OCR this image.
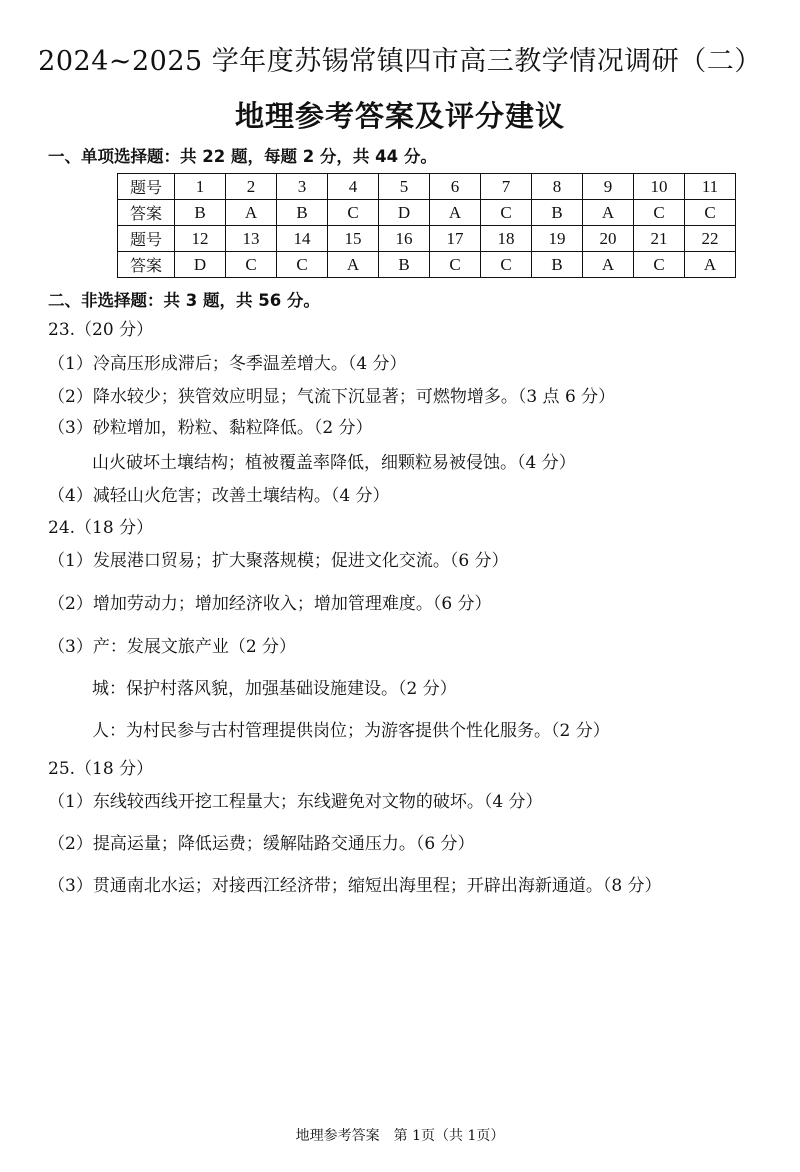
2024~2025 学年度苏锡常镇四市高三教学情况调研（二）
地理参考答案及评分建议
一、单项选择题：共 22 题，每题 2 分，共 44 分。
题号	1	2	3	4	5	6	7	8	9	10	11
答案	B	A	B	C	D	A	C	B	A	C	C
题号	12	13	14	15	16	17	18	19	20	21	22
答案	D	C	C	A	B	C	C	B	A	C	A
二、非选择题：共 3 题，共 56 分。
23.（20 分）
（1）冷高压形成滞后；冬季温差增大。（4 分）
（2）降水较少；狭管效应明显；气流下沉显著；可燃物增多。（3 点 6 分）
（3）砂粒增加，粉粒、黏粒降低。（2 分）
山火破坏土壤结构；植被覆盖率降低，细颗粒易被侵蚀。（4 分）
（4）减轻山火危害；改善土壤结构。（4 分）
24.（18 分）
（1）发展港口贸易；扩大聚落规模；促进文化交流。（6 分）
（2）增加劳动力；增加经济收入；增加管理难度。（6 分）
（3）产：发展文旅产业（2 分）
城：保护村落风貌，加强基础设施建设。（2 分）
人：为村民参与古村管理提供岗位；为游客提供个性化服务。（2 分）
25.（18 分）
（1）东线较西线开挖工程量大；东线避免对文物的破坏。（4 分）
（2）提高运量；降低运费；缓解陆路交通压力。（6 分）
（3）贯通南北水运；对接西江经济带；缩短出海里程；开辟出海新通道。（8 分）
地理参考答案　第 1页（共 1页）
